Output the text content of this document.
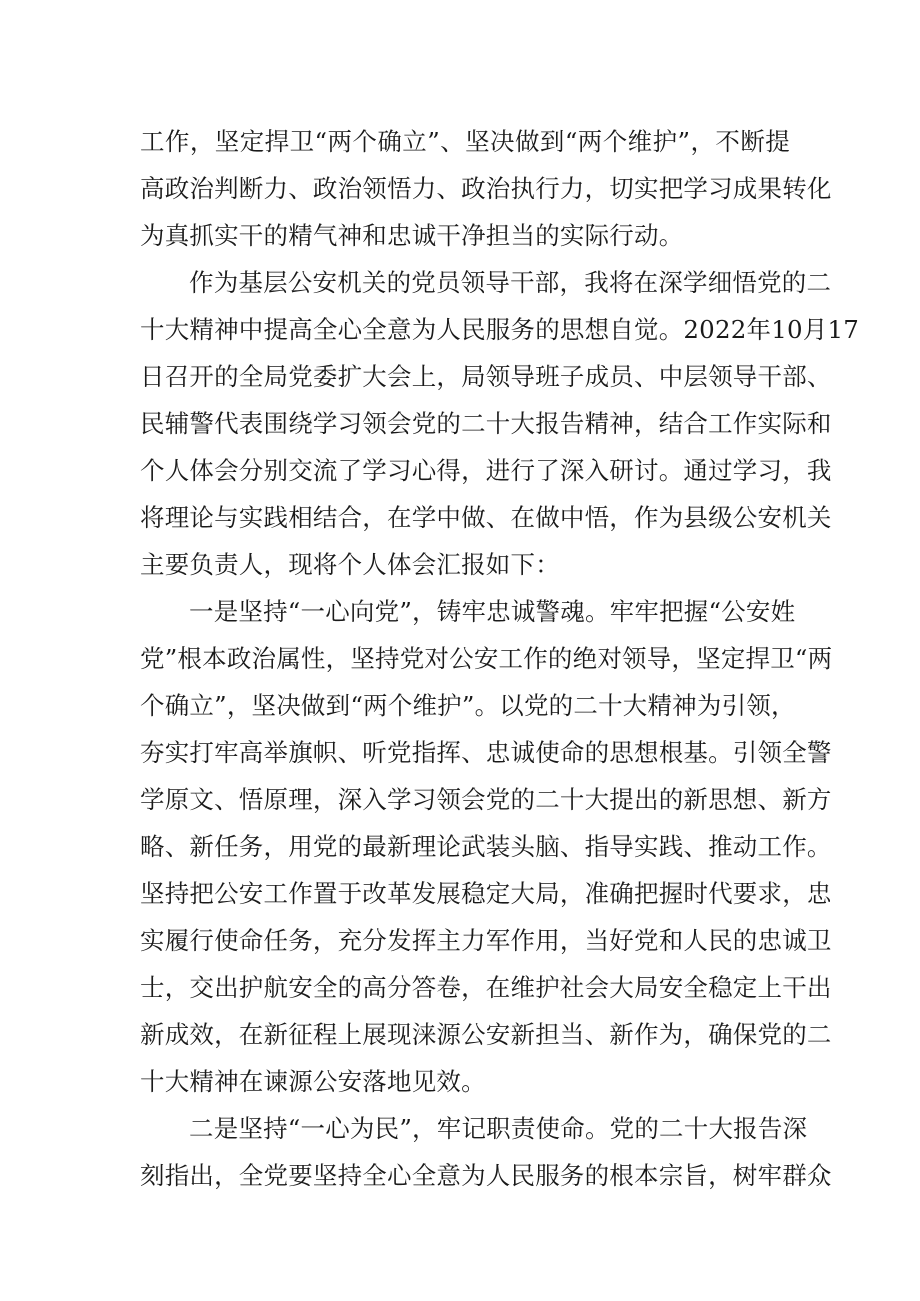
工作，坚定捍卫“两个确立”、坚决做到“两个维护”，不断提
高政治判断力、政治领悟力、政治执行力，切实把学习成果转化
为真抓实干的精气神和忠诚干净担当的实际行动。
作为基层公安机关的党员领导干部，我将在深学细悟党的二
十大精神中提高全心全意为人民服务的思想自觉。2022年10月17
日召开的全局党委扩大会上，局领导班子成员、中层领导干部、
民辅警代表围绕学习领会党的二十大报告精神，结合工作实际和
个人体会分别交流了学习心得，进行了深入研讨。通过学习，我
将理论与实践相结合，在学中做、在做中悟，作为县级公安机关
主要负责人，现将个人体会汇报如下：
一是坚持“一心向党”，铸牢忠诚警魂。牢牢把握“公安姓
党”根本政治属性，坚持党对公安工作的绝对领导，坚定捍卫“两
个确立”，坚决做到“两个维护”。以党的二十大精神为引领，
夯实打牢高举旗帜、听党指挥、忠诚使命的思想根基。引领全警
学原文、悟原理，深入学习领会党的二十大提出的新思想、新方
略、新任务，用党的最新理论武装头脑、指导实践、推动工作。
坚持把公安工作置于改革发展稳定大局，准确把握时代要求，忠
实履行使命任务，充分发挥主力军作用，当好党和人民的忠诚卫
士，交出护航安全的高分答卷，在维护社会大局安全稳定上干出
新成效，在新征程上展现涞源公安新担当、新作为，确保党的二
十大精神在谏源公安落地见效。
二是坚持“一心为民”，牢记职责使命。党的二十大报告深
刻指出，全党要坚持全心全意为人民服务的根本宗旨，树牢群众
